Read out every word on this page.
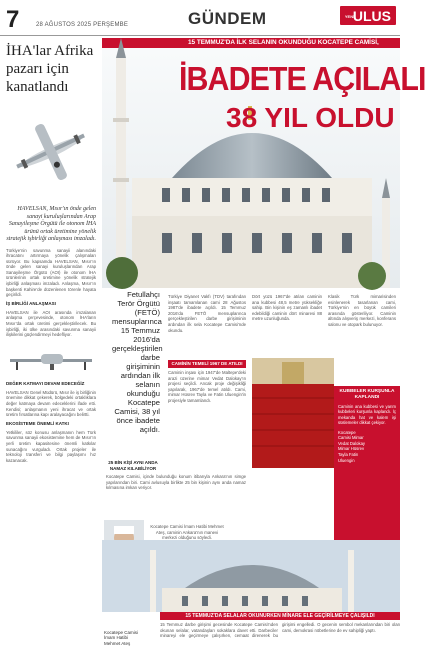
7	28 AĞUSTOS 2025 PERŞEMBE	GÜNDEM	YENİULUS
İHA'lar Afrika pazarı için kanatlandı
HAVELSAN, Mısır'ın önde gelen sanayi kuruluşlarından Arap Sanayileşme Örgütü ile otonom İHA ürünü ortak üretimine yönelik stratejik işbirliği anlaşması imzaladı.
Türkiye’nin savunma sanayii alanındaki ihracatını artırmaya yönelik çalışmaları sürüyor. Bu kapsamda HAVELSAN, Mısır’ın önde gelen sanayi kuruluşlarından Arap Sanayileşme Örgütü (AOI) ile otonom İHA ürünlerinin ortak üretimine yönelik stratejik işbirliği anlaşması imzaladı. Anlaşma, Mısır’ın başkenti Kahire’de düzenlenen törenle hayata geçirildi.
İŞ BİRLİĞİ ANLAŞMASI
HAVELSAN ile AOI arasında imzalanan anlaşma çerçevesinde, otonom İHA’ların Mısır’da ortak üretimi gerçekleştirilecek. Bu işbirliği, iki ülke arasındaki savunma sanayii ilişkilerini güçlendirmeyi hedefliyor.
DEĞER KATMAYI DEVAM EDECEĞİZ
HAVELSAN Genel Müdürü, Mısır ile iş birliğinin önemine dikkat çekerek, bölgedeki ortaklıklara değer katmaya devam edeceklerini ifade etti. Kendisi; anlaşmanın yeni ihracat ve ortak üretim fırsatlarına kapı aralayacağını belirtti.
EKOSİSTEME ÖNEMLİ KATKI
Yetkililer, söz konusu anlaşmanın hem Türk savunma sanayii ekosistemine hem de Mısır’ın yerli üretim kapasitesine önemli katkılar sunacağını vurguladı. Ortak projeler ile teknoloji transferi ve bilgi paylaşımı hız kazanacak.
15 TEMMUZ'DA İLK SELANIN OKUNDUĞU KOCATEPE CAMİSİ,
İBADETE AÇILALI
38 YIL OLDU
Fetullahçı Terör Örgütü (FETÖ) mensuplarınca 15 Temmuz 2016'da gerçekleştirilen darbe girişiminin ardından ilk selanın okunduğu Kocatepe Camisi, 38 yıl önce ibadete açıldı.
Türkiye Diyanet Vakfı (TDV) tarafından inşaatı tamamlanan cami 28 Ağustos 1987'de ibadete açıldı. 15 Temmuz 2016'da FETÖ mensuplarınca gerçekleştirilen darbe girişiminin ardından ilk sela Kocatepe Camisi'nde okundu.
Dört yüzü 1967'de atılan caminin ana kubbesi 48,5 metre yüksekliğe sahip. Bin kişinin eş zamanlı ibadet edebildiği caminin dört minaresi 88 metre uzunluğunda.
Klasik Türk mimarisinden esinlenerek tasarlanan cami, Türkiye'nin en büyük camileri arasında gösteriliyor. Caminin altında alışveriş merkezi, konferans salonu ve otopark bulunuyor.
CAMİNİN TEMELİ 1967 DE ATILDI
Caminin inşası için 1947'de Maltepe'deki arazi üzerine mimar Vedat Dalokay'ın projesi seçildi. Ancak proje değişikliği yapılarak, 1967'de temel atıldı. Cami, mimar Hüsrev Tayla ve Fatin Uluengin'in projesiyle tamamlandı.
KUBBELER KURŞUNLA KAPLANDI
Caminin ana kubbesi ve yarım kubbeleri kurşunla kaplandı. İç mekanda hat ve kalem işi süslemeler dikkat çekiyor.
Kocatepe Camisi Mimar Vedat Dalokay Mimar Hüsrev Tayla Fatin Uluengin
25 BİN KİŞİ AYNI ANDA NAMAZ KILABİLİYOR
Kocatepe Camisi, içinde bulunduğu konum itibarıyla Ankara'nın simge yapılarından biri. Cami avlusuyla birlikte 25 bin kişinin aynı anda namaz kılmasına imkan veriyor.
Kocatepe Camisi İmam Hatibi Mehmet Ateş
Kocatepe Camisi İmam Hatibi Mehmet Ateş, caminin Ankara'nın manevi merkezi olduğunu söyledi.
15 TEMMUZ'DA SELALAR OKUNURKEN MİNARE ELE GEÇİRİLMEYE ÇALIŞILDI
15 Temmuz darbe girişimi gecesinde Kocatepe Camisi'nden okunan selalar, vatandaşları sokaklara davet etti. Darbeciler minareyi ele geçirmeye çalışırken, cemaat direnerek bu girişimi engelledi. O gecenin sembol mekanlarından biri olan cami, demokrasi nöbetlerine de ev sahipliği yaptı.
